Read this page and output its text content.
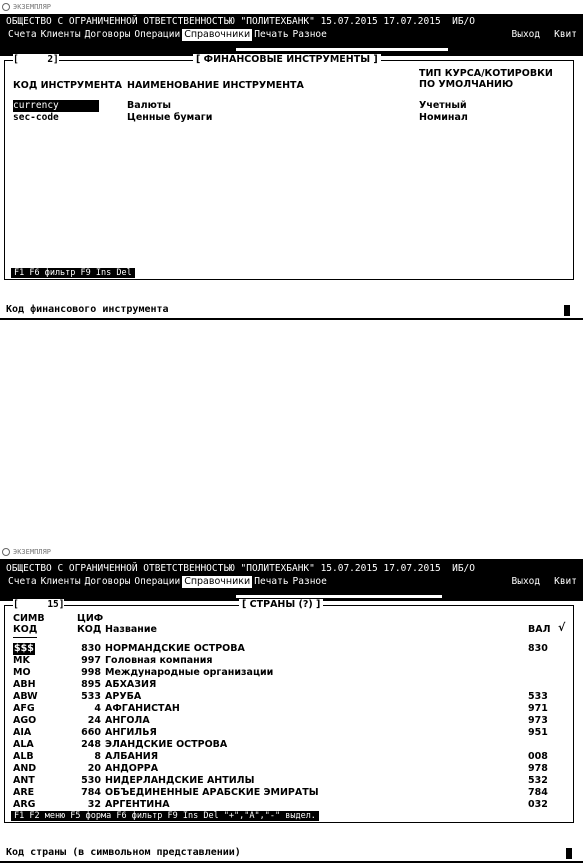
ЭКЗЕМПЛЯР

ОБЩЕСТВО С ОГРАНИЧЕННОЙ ОТВЕТСТВЕННОСТЬЮ "ПОЛИТЕХБАНК" 15.07.2015 17.07.2015  ИБ/О

Счета Клиенты Договоры Операции Справочники Печать Разное	Выход Квит

[     2]	[ ФИНАНСОВЫЕ ИНСТРУМЕНТЫ ]
КОД ИНСТРУМЕНТА НАИМЕНОВАНИЕ ИНСТРУМЕНТА
ТИП КУРСА/КОТИРОВКИ
ПО УМОЛЧАНИЮ
currency	Валюты	Учетный
sec-code	Ценные бумаги	Номинал
F1 F6 фильтр F9 Ins Del
Код финансового инструмента
ЭКЗЕМПЛЯР

ОБЩЕСТВО С ОГРАНИЧЕННОЙ ОТВЕТСТВЕННОСТЬЮ "ПОЛИТЕХБАНК" 15.07.2015 17.07.2015  ИБ/О

Счета Клиенты Договоры Операции Справочники Печать Разное	Выход Квит

[     15]	[ СТРАНЫ (?) ]
СИМВ
КОД
ЦИФ
КОД Название	ВАЛ √
$$$	830 НОРМАНДСКИЕ ОСТРОВА	830
MK	997 Головная компания
MO	998 Международные организации
ABH	895 АБХАЗИЯ
ABW	533 АРУБА	533
AFG	4 АФГАНИСТАН	971
AGO	24 АНГОЛА	973
AIA	660 АНГИЛЬЯ	951
ALA	248 ЭЛАНДСКИЕ ОСТРОВА
ALB	8 АЛБАНИЯ	008
AND	20 АНДОРРА	978
ANT	530 НИДЕРЛАНДСКИЕ АНТИЛЫ	532
ARE	784 ОБЪЕДИНЕННЫЕ АРАБСКИЕ ЭМИРАТЫ	784
ARG	32 АРГЕНТИНА	032
F1 F2 меню F5 форма F6 фильтр F9 Ins Del "+","A","-" выдел.
Код страны (в символьном представлении)
